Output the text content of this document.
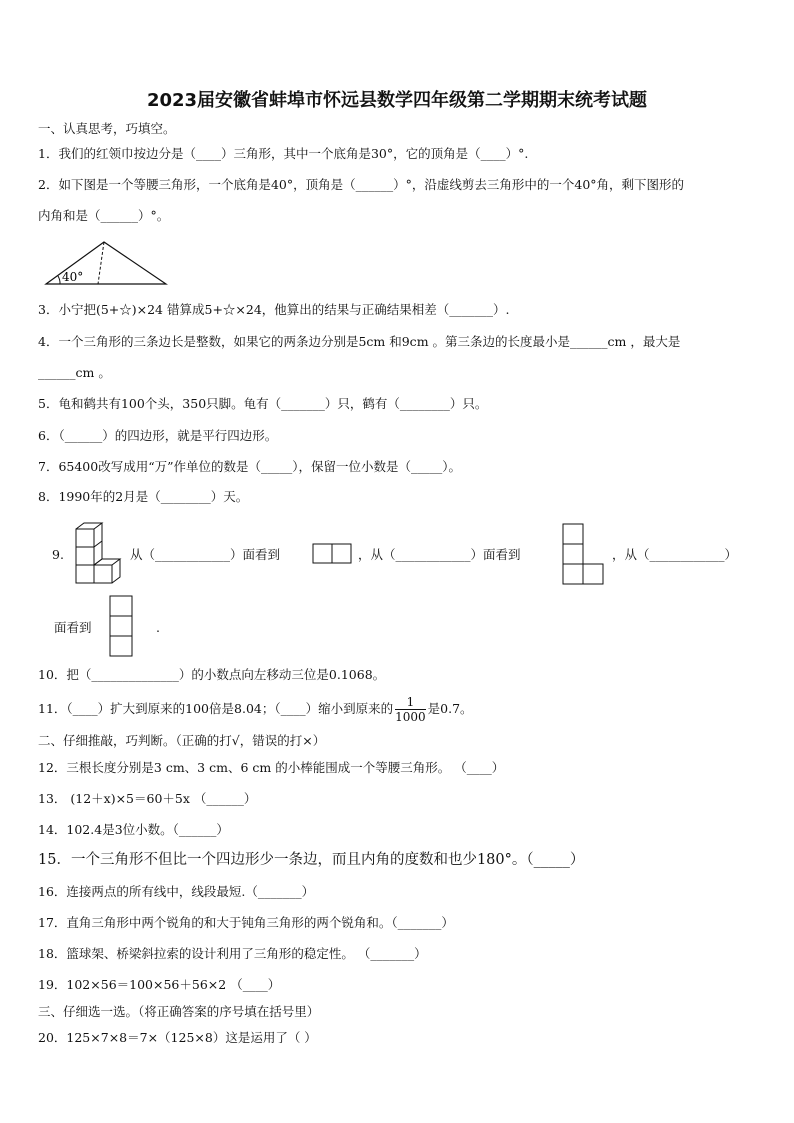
2023届安徽省蚌埠市怀远县数学四年级第二学期期末统考试题
一、认真思考，巧填空。
1．我们的红领巾按边分是（____）三角形，其中一个底角是30°，它的顶角是（____）°.
2．如下图是一个等腰三角形，一个底角是40°，顶角是（______）°，沿虚线剪去三角形中的一个40°角，剩下图形的
内角和是（______）°。
40°
3．小宁把(5+☆)×24 错算成5+☆×24，他算出的结果与正确结果相差（_______）.
4．一个三角形的三条边长是整数，如果它的两条边分别是5cm 和9cm 。第三条边的长度最小是______cm ，最大是
______cm 。
5．龟和鹤共有100个头，350只脚。龟有（_______）只，鹤有（________）只。
6．（______）的四边形，就是平行四边形。
7．65400改写成用“万”作单位的数是（_____），保留一位小数是（_____）。
8．1990年的2月是（________）天。
9.	从（____________）面看到	，从（____________）面看到	，从（____________）
面看到	.
10．把（______________）的小数点向左移动三位是0.1068。
11．（____）扩大到原来的100倍是8.04；（____）缩小到原来的 $\frac{1}{1000}$ 是0.7。
二、仔细推敲，巧判断。（正确的打√，错误的打×）
12．三根长度分别是3 cm、3 cm、6 cm 的小棒能围成一个等腰三角形。 （____）
13． (12＋x)×5＝60＋5x （______）
14．102.4是3位小数。（______）
15．一个三角形不但比一个四边形少一条边，而且内角的度数和也少180°。（_____）
16．连接两点的所有线中，线段最短.（_______）
17．直角三角形中两个锐角的和大于钝角三角形的两个锐角和。（_______）
18．篮球架、桥梁斜拉索的设计利用了三角形的稳定性。 （_______）
19．102×56＝100×56＋56×2 （____）
三、仔细选一选。（将正确答案的序号填在括号里）
20．125×7×8＝7×（125×8）这是运用了（ ）
